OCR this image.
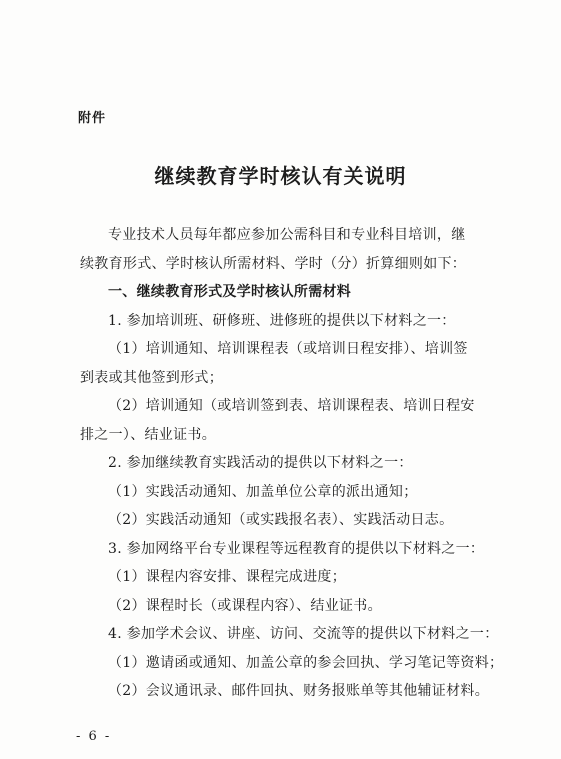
附件
继续教育学时核认有关说明

专业技术人员每年都应参加公需科目和专业科目培训，继

续教育形式、学时核认所需材料、学时（分）折算细则如下：

一、继续教育形式及学时核认所需材料

1. 参加培训班、研修班、进修班的提供以下材料之一：

（1）培训通知、培训课程表（或培训日程安排）、培训签

到表或其他签到形式；

（2）培训通知（或培训签到表、培训课程表、培训日程安

排之一）、结业证书。

2. 参加继续教育实践活动的提供以下材料之一：

（1）实践活动通知、加盖单位公章的派出通知；

（2）实践活动通知（或实践报名表）、实践活动日志。

3. 参加网络平台专业课程等远程教育的提供以下材料之一：

（1）课程内容安排、课程完成进度；

（2）课程时长（或课程内容）、结业证书。

4. 参加学术会议、讲座、访问、交流等的提供以下材料之一：

（1）邀请函或通知、加盖公章的参会回执、学习笔记等资料；

（2）会议通讯录、邮件回执、财务报账单等其他辅证材料。

- 6 -
